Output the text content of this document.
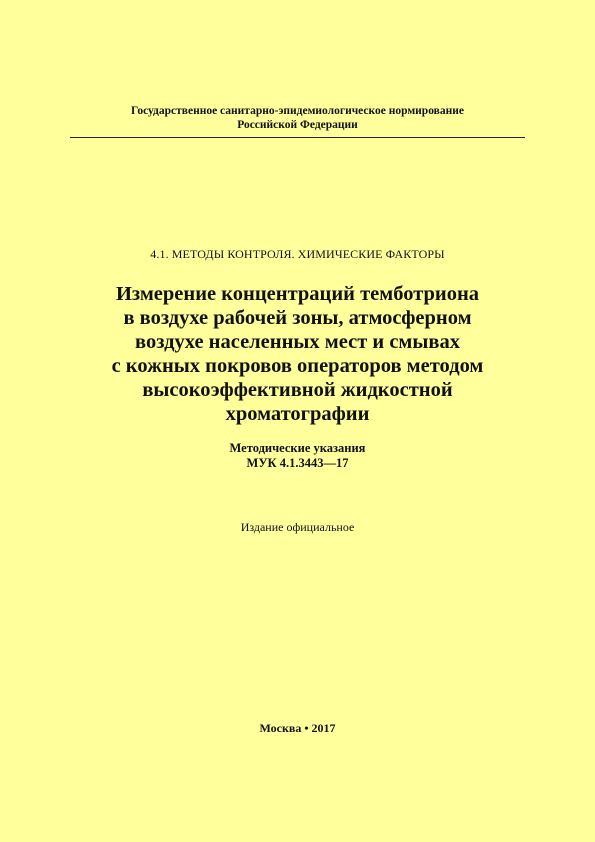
Государственное санитарно-эпидемиологическое нормирование
Российской Федерации
4.1. МЕТОДЫ КОНТРОЛЯ. ХИМИЧЕСКИЕ ФАКТОРЫ
Измерение концентраций темботриона
в воздухе рабочей зоны, атмосферном
воздухе населенных мест и смывах
с кожных покровов операторов методом
высокоэффективной жидкостной
хроматографии
Методические указания
МУК 4.1.3443—17
Издание официальное
Москва • 2017
